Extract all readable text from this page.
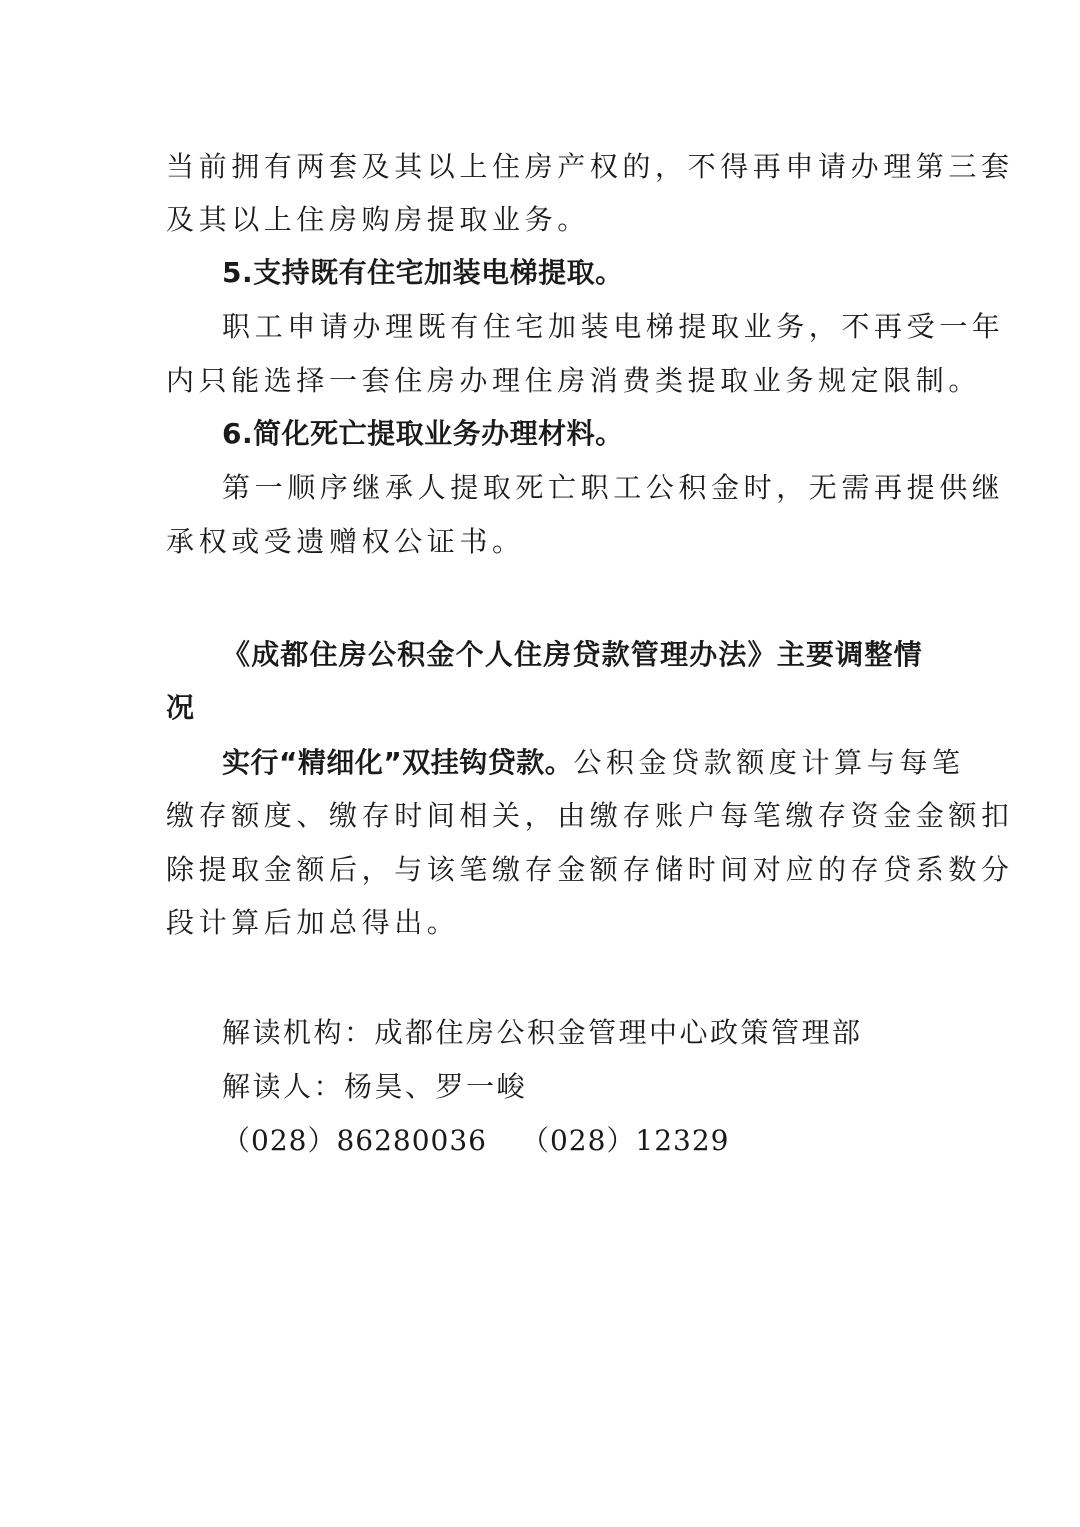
当前拥有两套及其以上住房产权的，不得再申请办理第三套
及其以上住房购房提取业务。
5.支持既有住宅加装电梯提取。
职工申请办理既有住宅加装电梯提取业务，不再受一年
内只能选择一套住房办理住房消费类提取业务规定限制。
6.简化死亡提取业务办理材料。
第一顺序继承人提取死亡职工公积金时，无需再提供继
承权或受遗赠权公证书。
《成都住房公积金个人住房贷款管理办法》主要调整情
况
实行“精细化”双挂钩贷款。公积金贷款额度计算与每笔
缴存额度、缴存时间相关，由缴存账户每笔缴存资金金额扣
除提取金额后，与该笔缴存金额存储时间对应的存贷系数分
段计算后加总得出。
解读机构：成都住房公积金管理中心政策管理部
解读人：杨昊、罗一峻
（028）86280036 （028）12329
